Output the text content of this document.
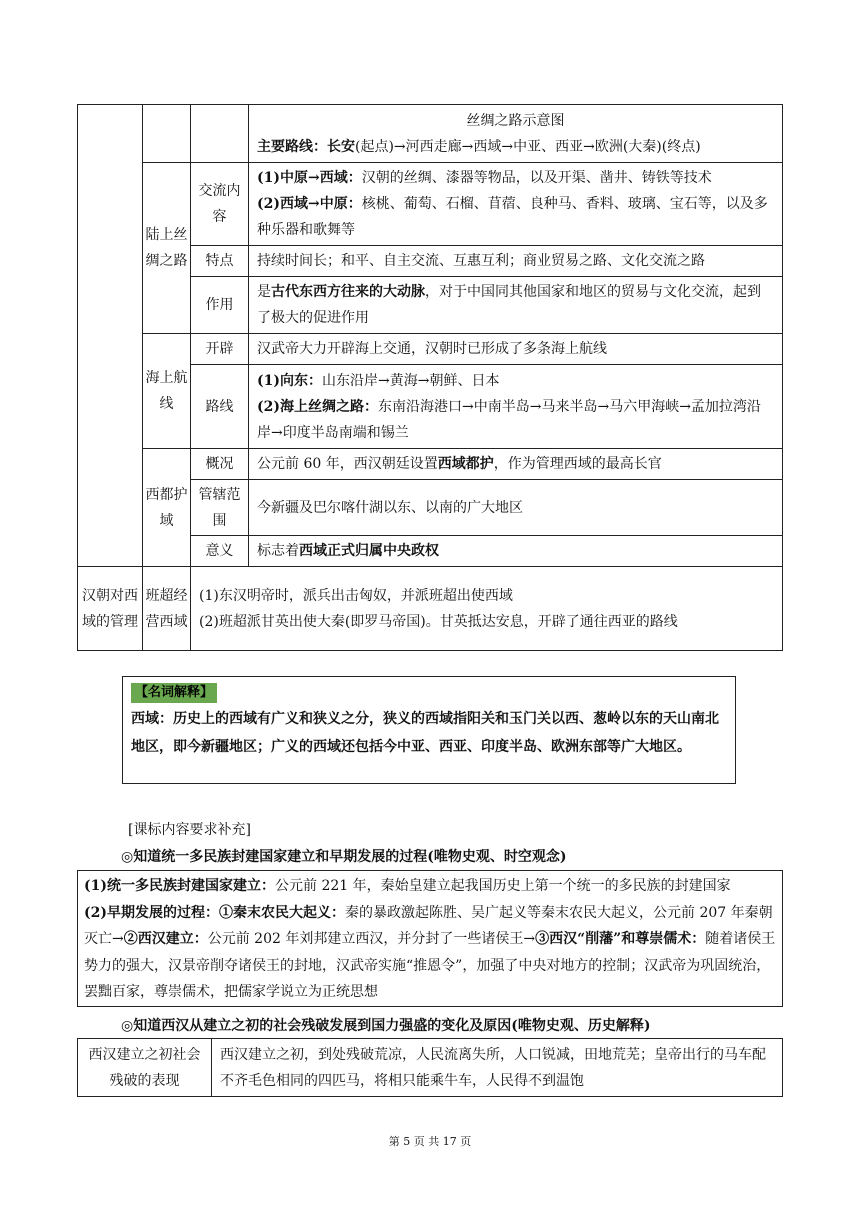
			丝绸之路示意图
主要路线：长安(起点)→河西走廊→西域→中亚、西亚→欧洲(大秦)(终点)

	陆上丝绸之路	交流内容	(1)中原→西域：汉朝的丝绸、漆器等物品，以及开渠、凿井、铸铁等技术
(2)西域→中原：核桃、葡萄、石榴、苜蓿、良种马、香料、玻璃、宝石等，以及多种乐器和歌舞等

		特点	持续时间长；和平、自主交流、互惠互利；商业贸易之路、文化交流之路
		作用	是古代东西方往来的大动脉，对于中国同其他国家和地区的贸易与文化交流，起到了极大的促进作用
	海上航线	开辟	汉武帝大力开辟海上交通，汉朝时已形成了多条海上航线
		路线	(1)向东：山东沿岸→黄海→朝鲜、日本
(2)海上丝绸之路：东南沿海港口→中南半岛→马来半岛→马六甲海峡→孟加拉湾沿岸→印度半岛南端和锡兰

	西都护域	概况	公元前 60 年，西汉朝廷设置西域都护，作为管理西域的最高长官
		管辖范围	今新疆及巴尔喀什湖以东、以南的广大地区
		意义	标志着西域正式归属中央政权
汉朝对西域的管理	班超经营西域	(1)东汉明帝时，派兵出击匈奴，并派班超出使西域
(2)班超派甘英出使大秦(即罗马帝国)。甘英抵达安息，开辟了通往西亚的路线	
【名词解释】
西域：历史上的西域有广义和狭义之分，狭义的西域指阳关和玉门关以西、葱岭以东的天山南北地区，即今新疆地区；广义的西域还包括今中亚、西亚、印度半岛、欧洲东部等广大地区。
[课标内容要求补充]
◎知道统一多民族封建国家建立和早期发展的过程(唯物史观、时空观念)
(1)统一多民族封建国家建立：公元前 221 年，秦始皇建立起我国历史上第一个统一的多民族的封建国家
(2)早期发展的过程：①秦末农民大起义：秦的暴政激起陈胜、吴广起义等秦末农民大起义，公元前 207 年秦朝灭亡→②西汉建立：公元前 202 年刘邦建立西汉，并分封了一些诸侯王→③西汉“削藩”和尊崇儒术：随着诸侯王势力的强大，汉景帝削夺诸侯王的封地，汉武帝实施“推恩令”，加强了中央对地方的控制；汉武帝为巩固统治，罢黜百家，尊崇儒术，把儒家学说立为正统思想
◎知道西汉从建立之初的社会残破发展到国力强盛的变化及原因(唯物史观、历史解释)
西汉建立之初社会残破的表现	西汉建立之初，到处残破荒凉，人民流离失所，人口锐减，田地荒芜；皇帝出行的马车配不齐毛色相同的四匹马，将相只能乘牛车，人民得不到温饱
第 5 页 共 17 页
